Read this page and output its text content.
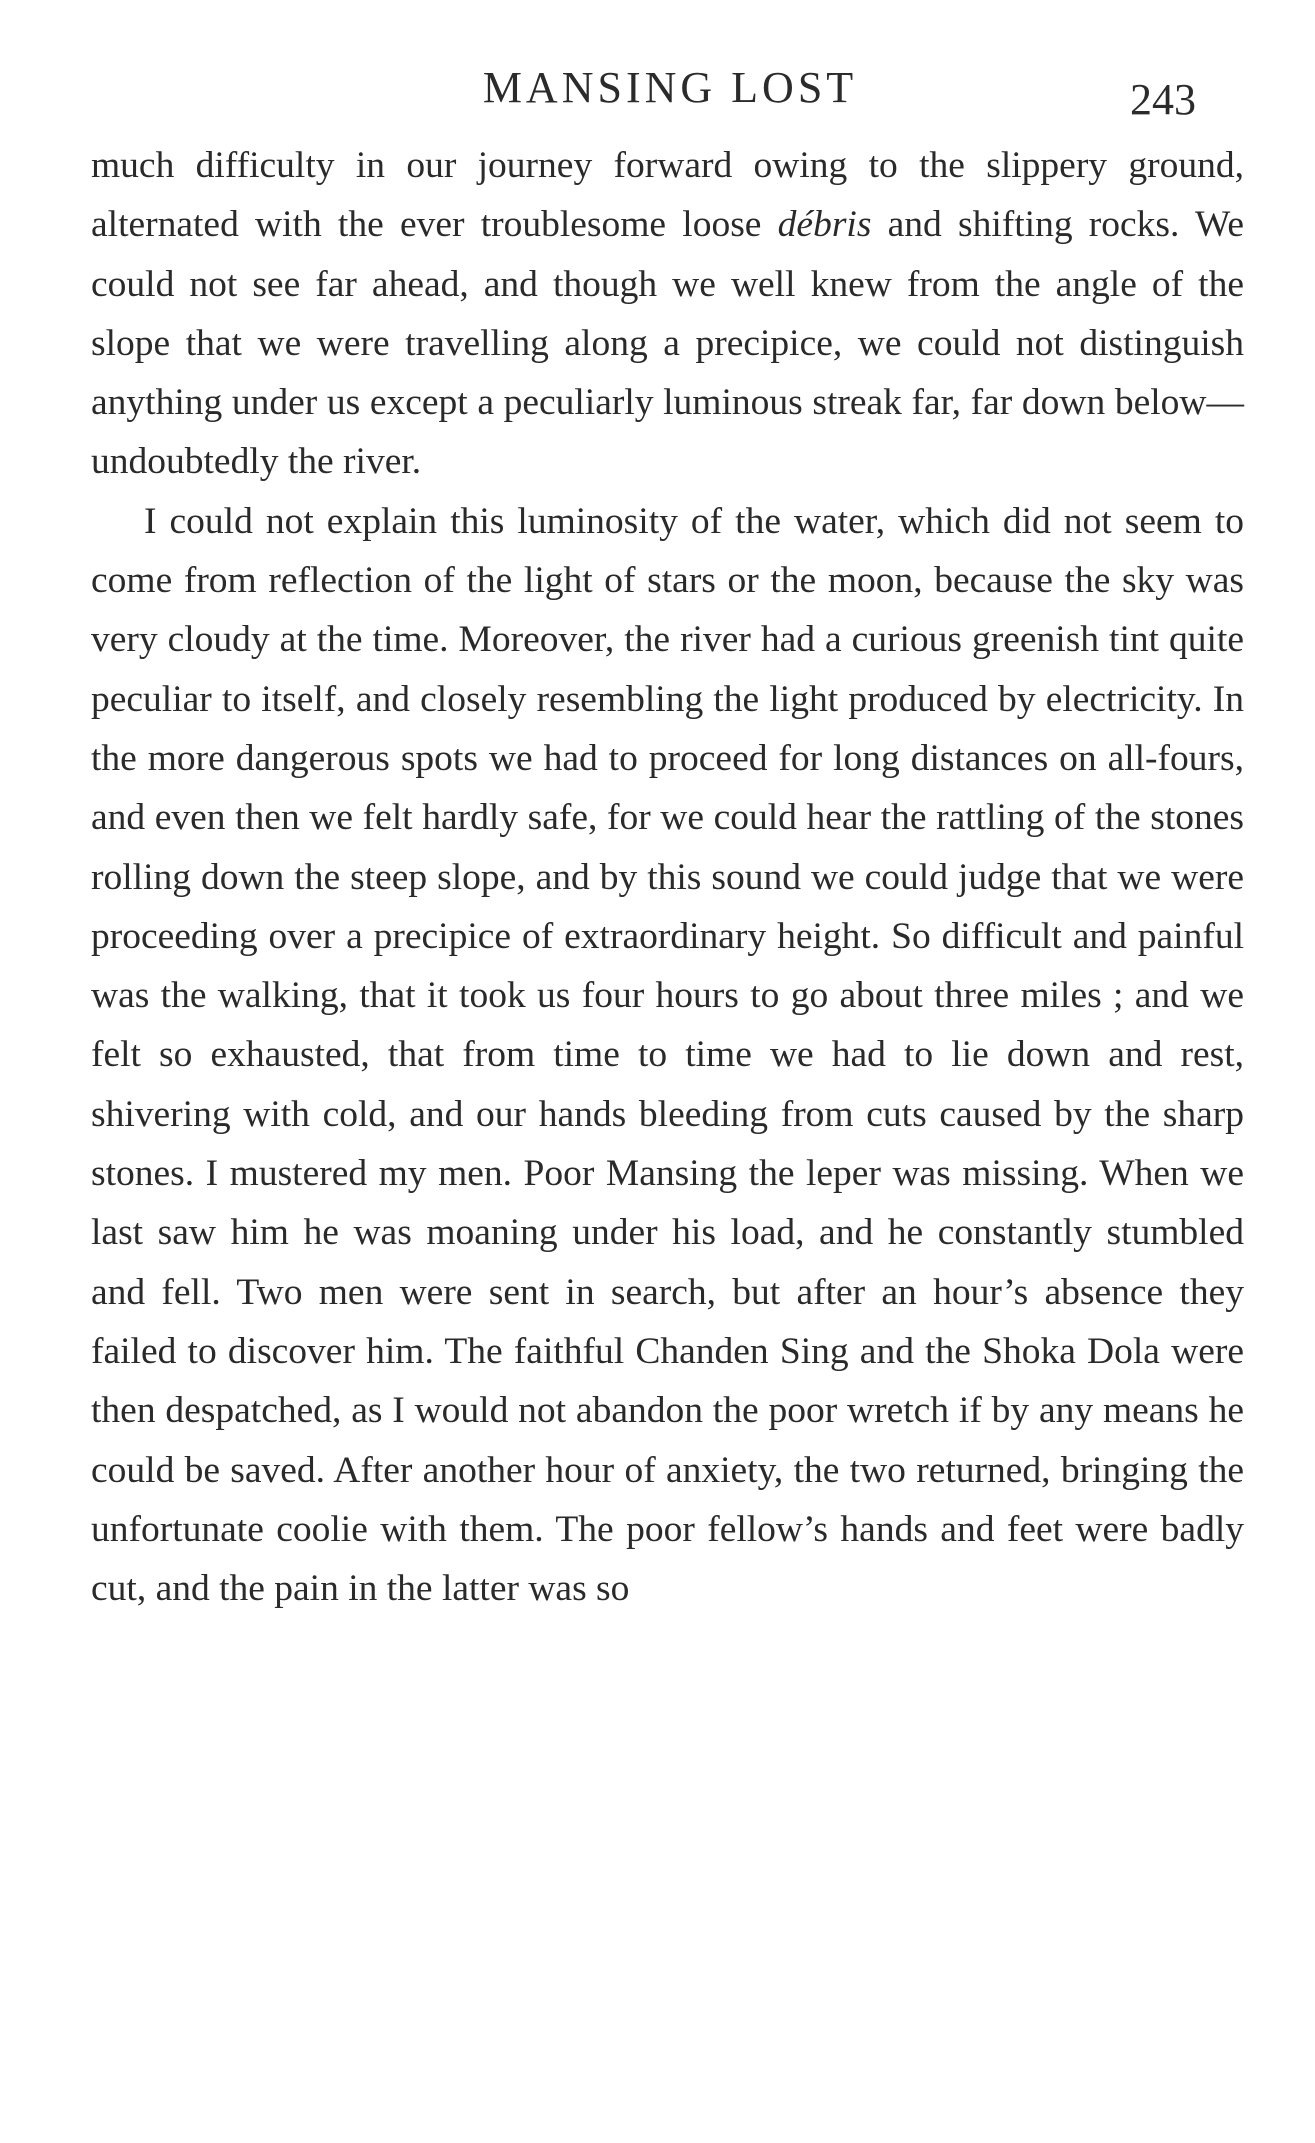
MANSING LOST	243

much difficulty in our journey forward owing to the slippery ground, alternated with the ever troublesome loose débris and shifting rocks. We could not see far ahead, and though we well knew from the angle of the slope that we were travelling along a precipice, we could not distinguish anything under us except a peculiarly luminous streak far, far down below—undoubtedly the river.

I could not explain this luminosity of the water, which did not seem to come from reflection of the light of stars or the moon, because the sky was very cloudy at the time. Moreover, the river had a curious greenish tint quite peculiar to itself, and closely resembling the light produced by electricity. In the more dangerous spots we had to proceed for long distances on all-fours, and even then we felt hardly safe, for we could hear the rattling of the stones rolling down the steep slope, and by this sound we could judge that we were proceeding over a precipice of extraordinary height. So difficult and painful was the walking, that it took us four hours to go about three miles ; and we felt so exhausted, that from time to time we had to lie down and rest, shivering with cold, and our hands bleeding from cuts caused by the sharp stones. I mustered my men. Poor Mansing the leper was missing. When we last saw him he was moaning under his load, and he constantly stumbled and fell. Two men were sent in search, but after an hour’s absence they failed to discover him. The faithful Chanden Sing and the Shoka Dola were then despatched, as I would not abandon the poor wretch if by any means he could be saved. After another hour of anxiety, the two returned, bringing the unfortunate coolie with them. The poor fellow’s hands and feet were badly cut, and the pain in the latter was so
